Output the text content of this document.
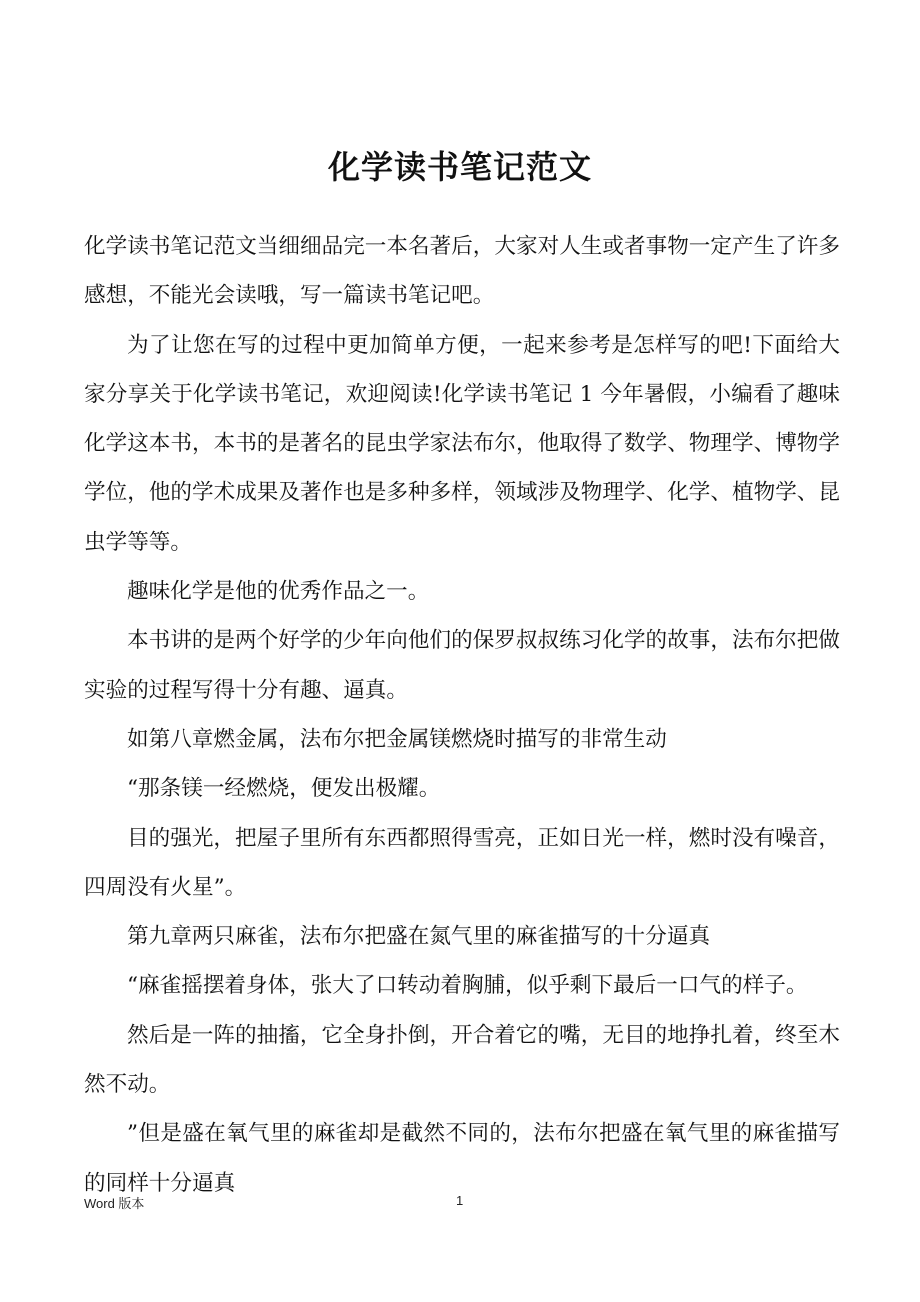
化学读书笔记范文

化学读书笔记范文当细细品完一本名著后，大家对人生或者事物一定产生了许多感想，不能光会读哦，写一篇读书笔记吧。

为了让您在写的过程中更加简单方便，一起来参考是怎样写的吧!下面给大家分享关于化学读书笔记，欢迎阅读!化学读书笔记 1 今年暑假，小编看了趣味化学这本书，本书的是著名的昆虫学家法布尔，他取得了数学、物理学、博物学学位，他的学术成果及著作也是多种多样，领域涉及物理学、化学、植物学、昆虫学等等。

趣味化学是他的优秀作品之一。

本书讲的是两个好学的少年向他们的保罗叔叔练习化学的故事，法布尔把做实验的过程写得十分有趣、逼真。

如第八章燃金属，法布尔把金属镁燃烧时描写的非常生动

“那条镁一经燃烧，便发出极耀。

目的强光，把屋子里所有东西都照得雪亮，正如日光一样，燃时没有噪音，四周没有火星”。

第九章两只麻雀，法布尔把盛在氮气里的麻雀描写的十分逼真

“麻雀摇摆着身体，张大了口转动着胸脯，似乎剩下最后一口气的样子。

然后是一阵的抽搐，它全身扑倒，开合着它的嘴，无目的地挣扎着，终至木然不动。

”但是盛在氧气里的麻雀却是截然不同的，法布尔把盛在氧气里的麻雀描写的同样十分逼真

Word 版本	1
